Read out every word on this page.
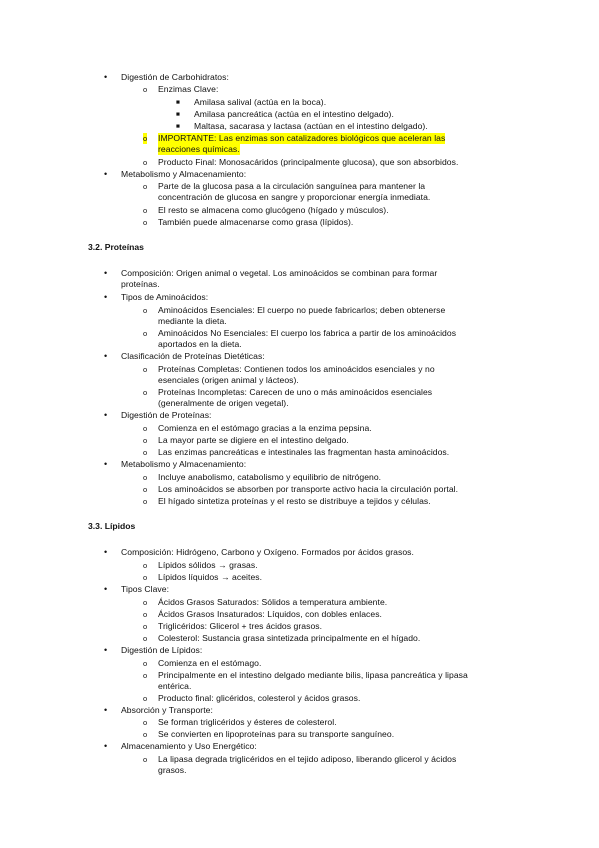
• Digestión de Carbohidratos:
o Enzimas Clave:
■ Amilasa salival (actúa en la boca).
■ Amilasa pancreática (actúa en el intestino delgado).
■ Maltasa, sacarasa y lactasa (actúan en el intestino delgado).
o IMPORTANTE: Las enzimas son catalizadores biológicos que aceleran las
reacciones químicas.
o Producto Final: Monosacáridos (principalmente glucosa), que son absorbidos.
• Metabolismo y Almacenamiento:
o Parte de la glucosa pasa a la circulación sanguínea para mantener la
concentración de glucosa en sangre y proporcionar energía inmediata.
o El resto se almacena como glucógeno (hígado y músculos).
o También puede almacenarse como grasa (lípidos).
3.2. Proteínas
• Composición: Origen animal o vegetal. Los aminoácidos se combinan para formar
proteínas.
• Tipos de Aminoácidos:
o Aminoácidos Esenciales: El cuerpo no puede fabricarlos; deben obtenerse
mediante la dieta.
o Aminoácidos No Esenciales: El cuerpo los fabrica a partir de los aminoácidos
aportados en la dieta.
• Clasificación de Proteínas Dietéticas:
o Proteínas Completas: Contienen todos los aminoácidos esenciales y no
esenciales (origen animal y lácteos).
o Proteínas Incompletas: Carecen de uno o más aminoácidos esenciales
(generalmente de origen vegetal).
• Digestión de Proteínas:
o Comienza en el estómago gracias a la enzima pepsina.
o La mayor parte se digiere en el intestino delgado.
o Las enzimas pancreáticas e intestinales las fragmentan hasta aminoácidos.
• Metabolismo y Almacenamiento:
o Incluye anabolismo, catabolismo y equilibrio de nitrógeno.
o Los aminoácidos se absorben por transporte activo hacia la circulación portal.
o El hígado sintetiza proteínas y el resto se distribuye a tejidos y células.
3.3. Lípidos
• Composición: Hidrógeno, Carbono y Oxígeno. Formados por ácidos grasos.
o Lípidos sólidos → grasas.
o Lípidos líquidos → aceites.
• Tipos Clave:
o Ácidos Grasos Saturados: Sólidos a temperatura ambiente.
o Ácidos Grasos Insaturados: Líquidos, con dobles enlaces.
o Triglicéridos: Glicerol + tres ácidos grasos.
o Colesterol: Sustancia grasa sintetizada principalmente en el hígado.
• Digestión de Lípidos:
o Comienza en el estómago.
o Principalmente en el intestino delgado mediante bilis, lipasa pancreática y lipasa
entérica.
o Producto final: glicéridos, colesterol y ácidos grasos.
• Absorción y Transporte:
o Se forman triglicéridos y ésteres de colesterol.
o Se convierten en lipoproteínas para su transporte sanguíneo.
• Almacenamiento y Uso Energético:
o La lipasa degrada triglicéridos en el tejido adiposo, liberando glicerol y ácidos
grasos.
